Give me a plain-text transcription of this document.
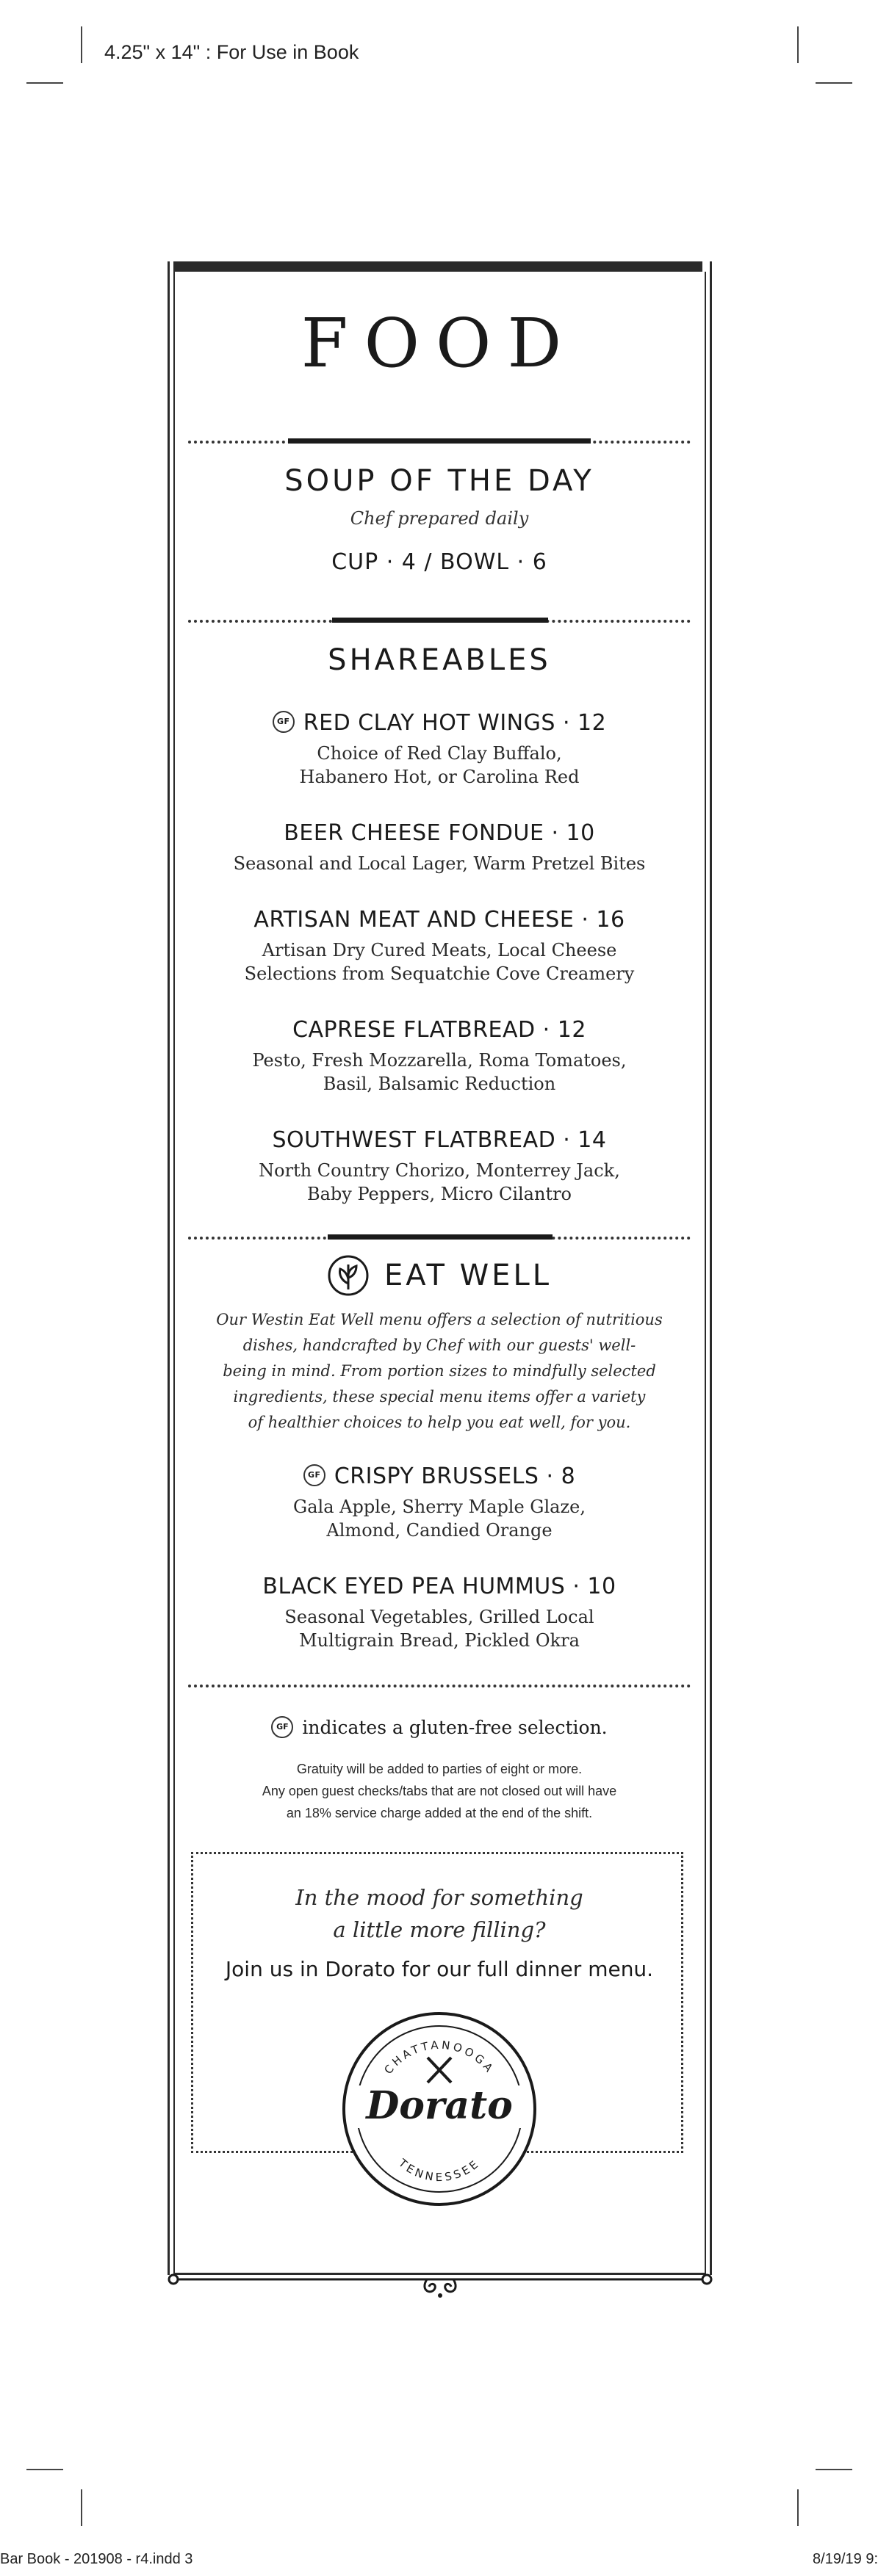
4.25" x 14" : For Use in Book
Bar Book - 201908 - r4.indd 3	8/19/19 9:
FOOD
SOUP OF THE DAY
Chef prepared daily
CUP · 4 / BOWL · 6
SHAREABLES
GF RED CLAY HOT WINGS · 12
Choice of Red Clay Buffalo,
Habanero Hot, or Carolina Red
BEER CHEESE FONDUE · 10
Seasonal and Local Lager, Warm Pretzel Bites
ARTISAN MEAT AND CHEESE · 16
Artisan Dry Cured Meats, Local Cheese
Selections from Sequatchie Cove Creamery
CAPRESE FLATBREAD · 12
Pesto, Fresh Mozzarella, Roma Tomatoes,
Basil, Balsamic Reduction
SOUTHWEST FLATBREAD · 14
North Country Chorizo, Monterrey Jack,
Baby Peppers, Micro Cilantro
EAT WELL
Our Westin Eat Well menu offers a selection of nutritious
dishes, handcrafted by Chef with our guests' well-
being in mind. From portion sizes to mindfully selected
ingredients, these special menu items offer a variety
of healthier choices to help you eat well, for you.
GF CRISPY BRUSSELS · 8
Gala Apple, Sherry Maple Glaze,
Almond, Candied Orange
BLACK EYED PEA HUMMUS · 10
Seasonal Vegetables, Grilled Local
Multigrain Bread, Pickled Okra
GF indicates a gluten-free selection.
Gratuity will be added to parties of eight or more.
Any open guest checks/tabs that are not closed out will have
an 18% service charge added at the end of the shift.
In the mood for something
a little more filling?
Join us in Dorato for our full dinner menu.
CHATTANOOGA
TENNESSEE
Dorato
